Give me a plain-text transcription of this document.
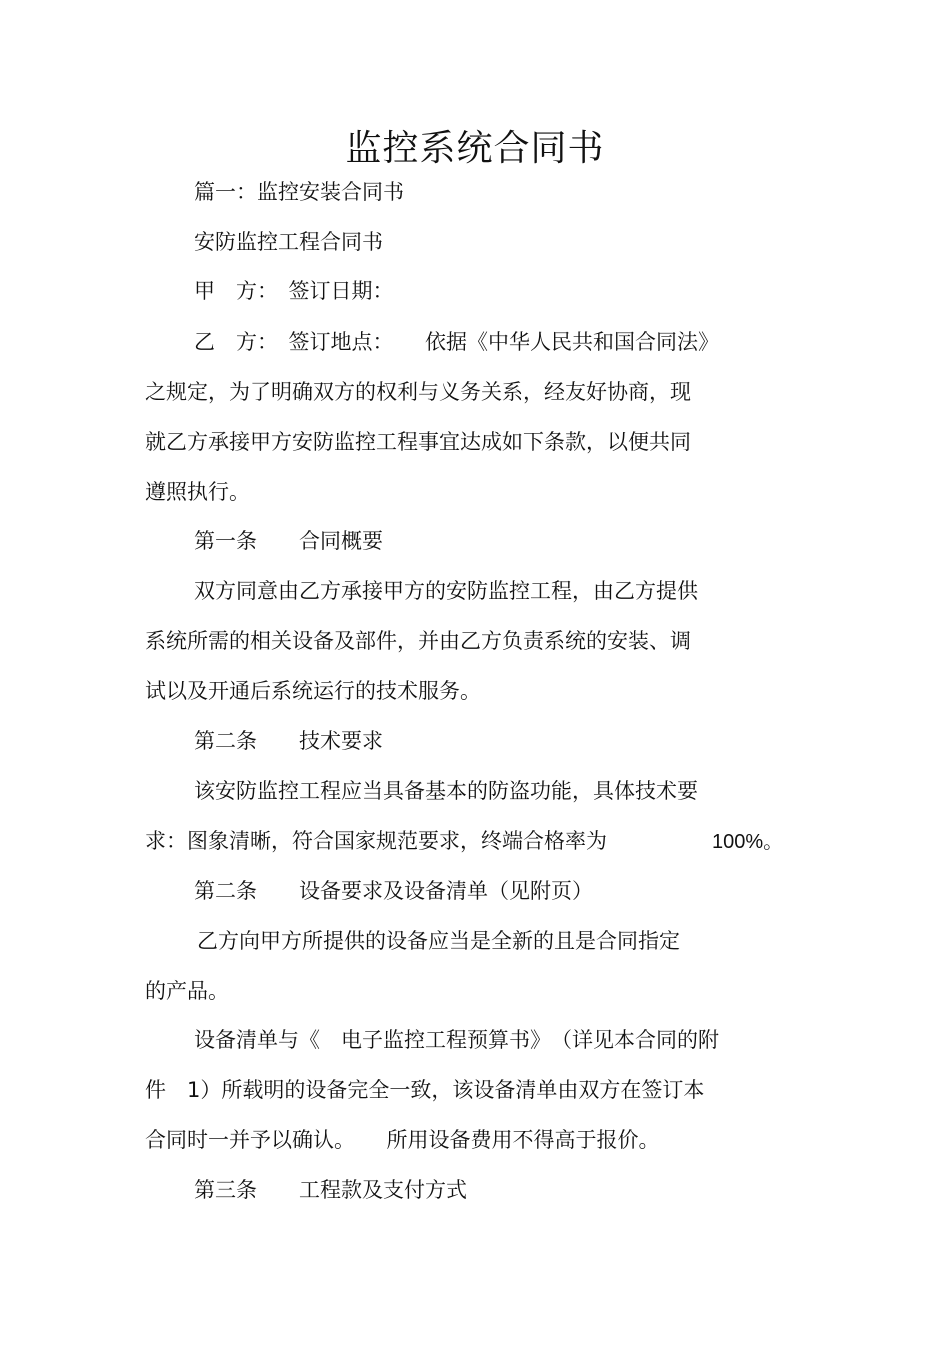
监控系统合同书
篇一：监控安装合同书
安防监控工程合同书
甲　方：　签订日期：
乙　方：　签订地点：　　依据《中华人民共和国合同法》
之规定，为了明确双方的权利与义务关系，经友好协商，现
就乙方承接甲方安防监控工程事宜达成如下条款，以便共同
遵照执行。
第一条　　合同概要
双方同意由乙方承接甲方的安防监控工程，由乙方提供
系统所需的相关设备及部件，并由乙方负责系统的安装、调
试以及开通后系统运行的技术服务。
第二条　　技术要求
该安防监控工程应当具备基本的防盗功能，具体技术要
求：图象清晰，符合国家规范要求，终端合格率为	100%。
第二条　　设备要求及设备清单（见附页）
乙方向甲方所提供的设备应当是全新的且是合同指定
的产品。
设备清单与《　电子监控工程预算书》　（详见本合同的附
件　1）所载明的设备完全一致，该设备清单由双方在签订本
合同时一并予以确认。　　所用设备费用不得高于报价。
第三条　　工程款及支付方式
